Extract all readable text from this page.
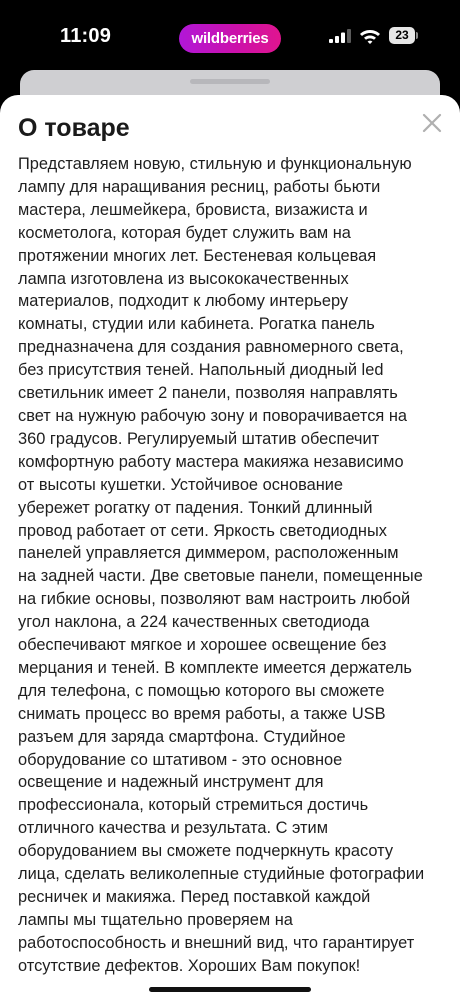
11:09	wildberries	23
О товаре

Представляем новую, стильную и функциональную
лампу для наращивания ресниц, работы бьюти
мастера, лешмейкера, бровиста, визажиста и
косметолога, которая будет служить вам на
протяжении многих лет. Бестеневая кольцевая
лампа изготовлена из высококачественных
материалов, подходит к любому интерьеру
комнаты, студии или кабинета. Рогатка панель
предназначена для создания равномерного света,
без присутствия теней. Напольный диодный led
светильник имеет 2 панели, позволяя направлять
свет на нужную рабочую зону и поворачивается на
360 градусов. Регулируемый штатив обеспечит
комфортную работу мастера макияжа независимо
от высоты кушетки. Устойчивое основание
убережет рогатку от падения. Тонкий длинный
провод работает от сети. Яркость светодиодных
панелей управляется диммером, расположенным
на задней части. Две световые панели, помещенные
на гибкие основы, позволяют вам настроить любой
угол наклона, а 224 качественных светодиода
обеспечивают мягкое и хорошее освещение без
мерцания и теней. В комплекте имеется держатель
для телефона, с помощью которого вы сможете
снимать процесс во время работы, а также USB
разъем для заряда смартфона. Студийное
оборудование со штативом - это основное
освещение и надежный инструмент для
профессионала, который стремиться достичь
отличного качества и результата. С этим
оборудованием вы сможете подчеркнуть красоту
лица, сделать великолепные студийные фотографии
ресничек и макияжа. Перед поставкой каждой
лампы мы тщательно проверяем на
работоспособность и внешний вид, что гарантирует
отсутствие дефектов. Хороших Вам покупок!
